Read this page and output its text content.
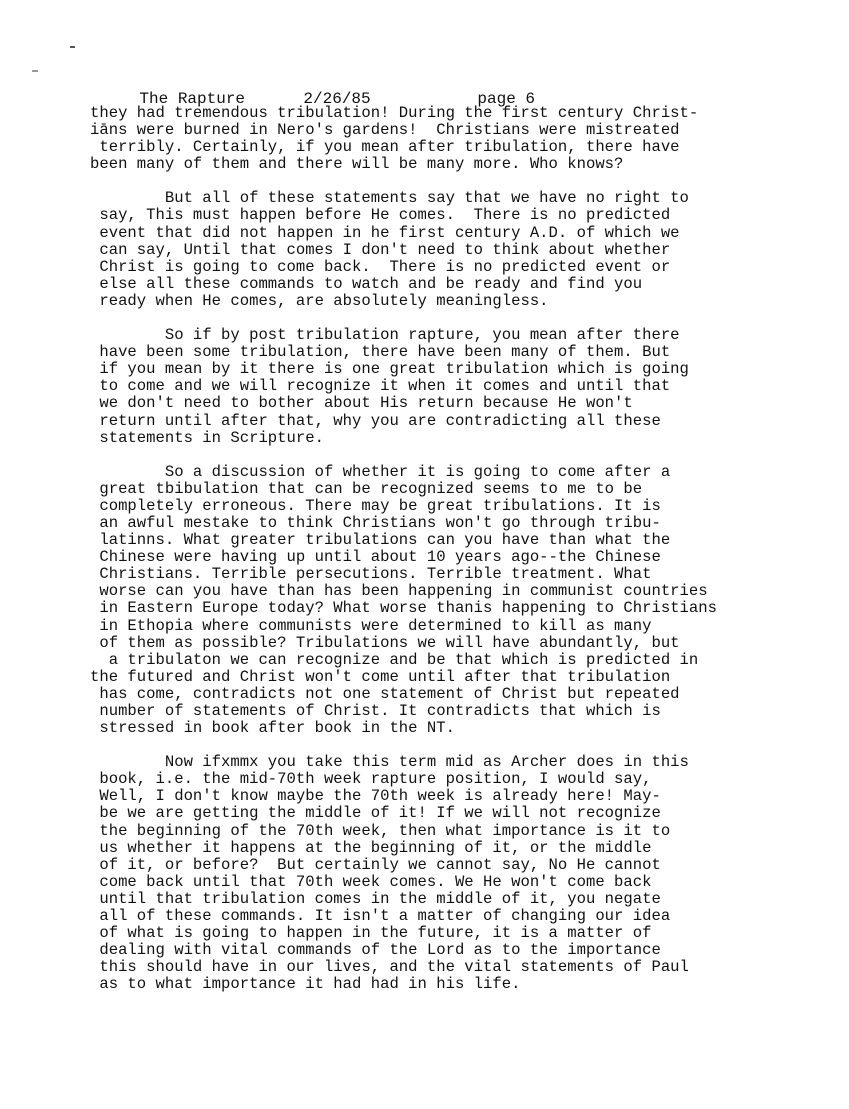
The Rapture	2/26/85	page 6

they had tremendous tribulation! During the first century Christ-
iāns were burned in Nero's gardens!  Christians were mistreated
terribly. Certainly, if you mean after tribulation, there have
been many of them and there will be many more. Who knows?
But all of these statements say that we have no right to
say, This must happen before He comes.  There is no predicted
event that did not happen in he first century A.D. of which we
can say, Until that comes I don't need to think about whether
Christ is going to come back.  There is no predicted event or
else all these commands to watch and be ready and find you
ready when He comes, are absolutely meaningless.
So if by post tribulation rapture, you mean after there
have been some tribulation, there have been many of them. But
if you mean by it there is one great tribulation which is going
to come and we will recognize it when it comes and until that
we don't need to bother about His return because He won't
return until after that, why you are contradicting all these
statements in Scripture.
So a discussion of whether it is going to come after a
great tbibulation that can be recognized seems to me to be
completely erroneous. There may be great tribulations. It is
an awful mestake to think Christians won't go through tribu-
latinns. What greater tribulations can you have than what the
Chinese were having up until about 10 years ago--the Chinese
Christians. Terrible persecutions. Terrible treatment. What
worse can you have than has been happening in communist countries
in Eastern Europe today? What worse thanis happening to Christians
in Ethopia where communists were determined to kill as many
of them as possible? Tribulations we will have abundantly, but
a tribulaton we can recognize and be that which is predicted in
the futured and Christ won't come until after that tribulation
has come, contradicts not one statement of Christ but repeated
number of statements of Christ. It contradicts that which is
stressed in book after book in the NT.
Now ifxmmx you take this term mid as Archer does in this
book, i.e. the mid-70th week rapture position, I would say,
Well, I don't know maybe the 70th week is already here! May-
be we are getting the middle of it! If we will not recognize
the beginning of the 70th week, then what importance is it to
us whether it happens at the beginning of it, or the middle
of it, or before?  But certainly we cannot say, No He cannot
come back until that 70th week comes. We He won't come back
until that tribulation comes in the middle of it, you negate
all of these commands. It isn't a matter of changing our idea
of what is going to happen in the future, it is a matter of
dealing with vital commands of the Lord as to the importance
this should have in our lives, and the vital statements of Paul
as to what importance it had had in his life.
